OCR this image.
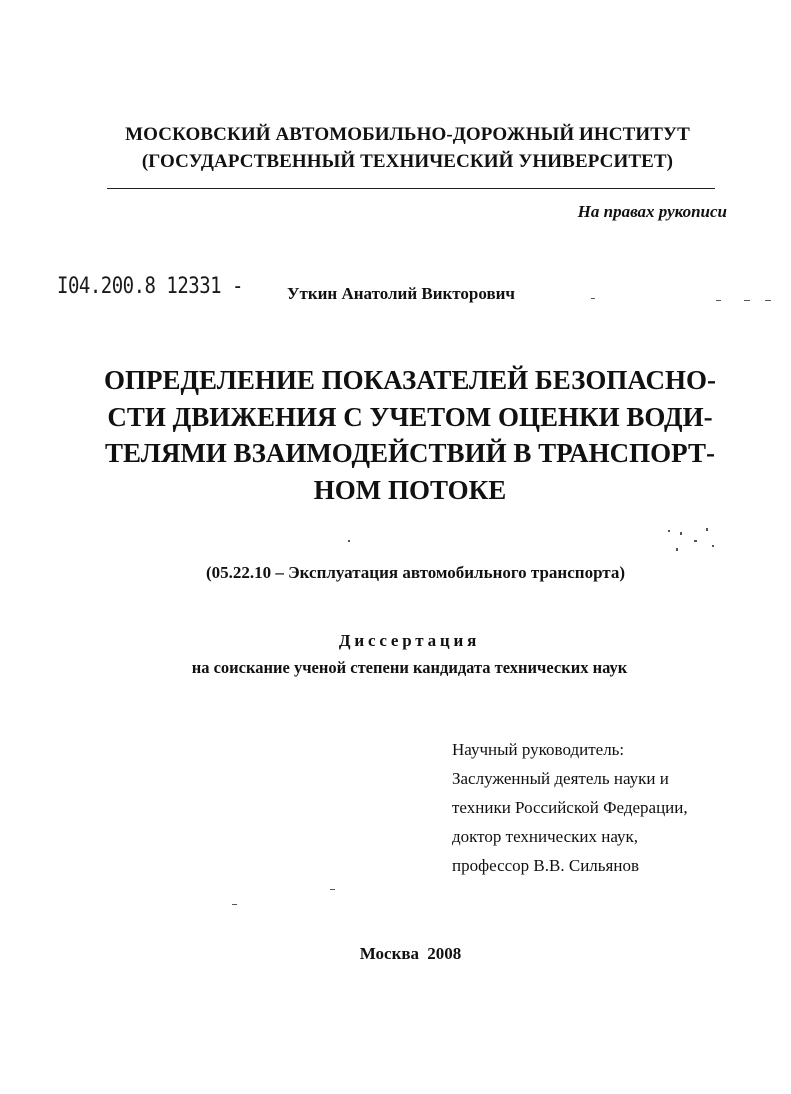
МОСКОВСКИЙ АВТОМОБИЛЬНО-ДОРОЖНЫЙ ИНСТИТУТ
(ГОСУДАРСТВЕННЫЙ ТЕХНИЧЕСКИЙ УНИВЕРСИТЕТ)
На правах рукописи
I04.200.8 12331 -	Уткин Анатолий Викторович
ОПРЕДЕЛЕНИЕ ПОКАЗАТЕЛЕЙ БЕЗОПАСНО-
СТИ ДВИЖЕНИЯ С УЧЕТОМ ОЦЕНКИ ВОДИ-
ТЕЛЯМИ ВЗАИМОДЕЙСТВИЙ В ТРАНСПОРТ-
НОМ ПОТОКЕ
(05.22.10 – Эксплуатация автомобильного транспорта)
Диссертация
на соискание ученой степени кандидата технических наук
Научный руководитель:
Заслуженный деятель науки и
техники Российской Федерации,
доктор технических наук,
профессор В.В. Сильянов
Москва 2008
